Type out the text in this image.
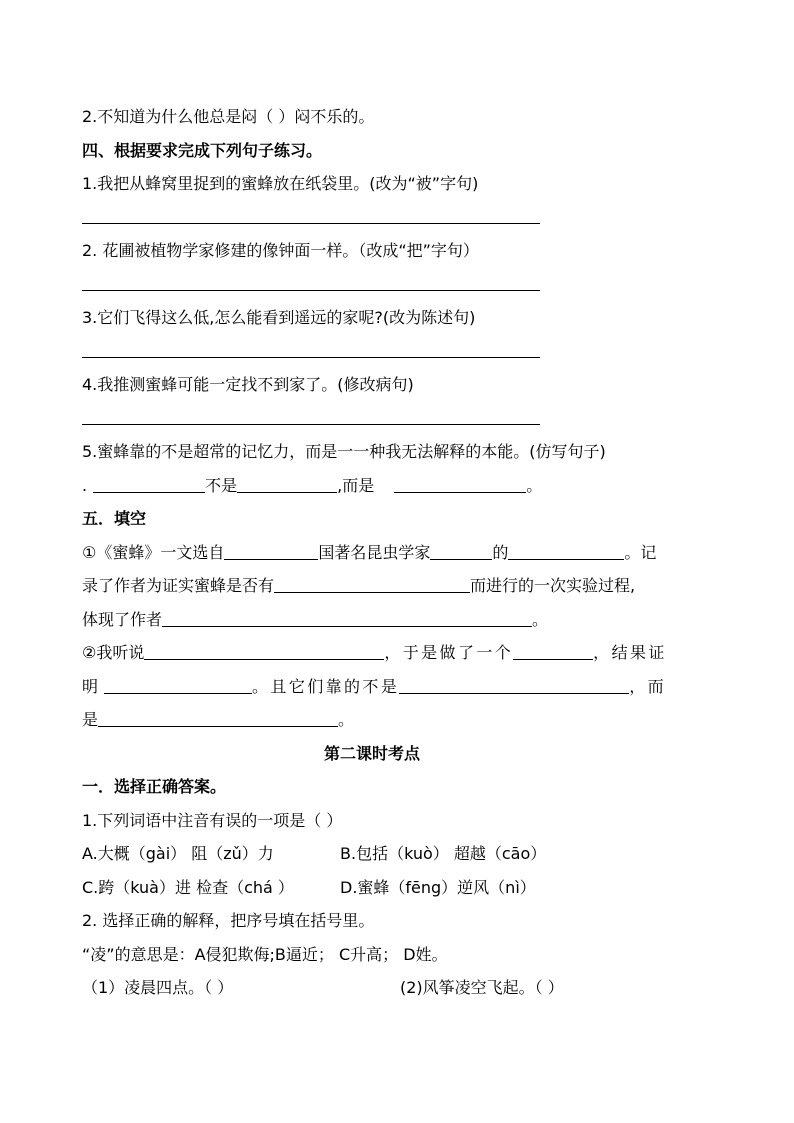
2.不知道为什么他总是闷（ ）闷不乐的。
四、根据要求完成下列句子练习。
1.我把从蜂窝里捉到的蜜蜂放在纸袋里。(改为“被”字句)
2. 花圃被植物学家修建的像钟面一样。（改成“把”字句）
3.它们飞得这么低,怎么能看到遥远的家呢?(改为陈述句)
4.我推测蜜蜂可能一定找不到家了。(修改病句)
5.蜜蜂靠的不是超常的记忆力，而是一一种我无法解释的本能。(仿写句子)
.	不是	,而是	。
五．填空
①《蜜蜂》一文选自	国著名昆虫学家	的	。记
录了作者为证实蜜蜂是否有	而进行的一次实验过程,
体现了作者	。
②我听说	，于是做了一个	，结果证
明	。且它们靠的不是	，而
是	。
第二课时考点
一．选择正确答案。
1.下列词语中注音有误的一项是（ ）
A.大概（gài） 阻（zǔ）力	B.包括（kuò） 超越（cāo）
C.跨（kuà）进 检查（chá ）	D.蜜蜂（fēng）逆风（nì）
2. 选择正确的解释，把序号填在括号里。
“凌”的意思是：A侵犯欺侮;B逼近； C升高； D姓。
（1）凌晨四点。（ ）	(2)风筝凌空飞起。（ ）
